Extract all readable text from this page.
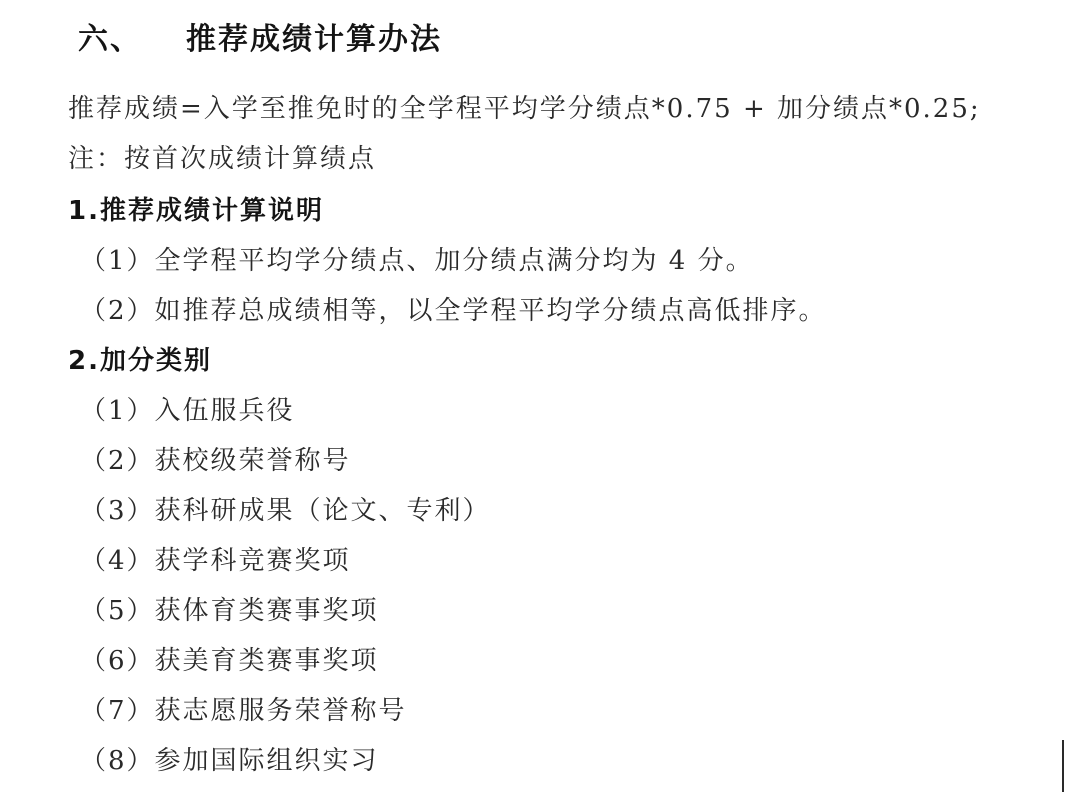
六、 推荐成绩计算办法
推荐成绩=入学至推免时的全学程平均学分绩点*0.75 + 加分绩点*0.25;
注：按首次成绩计算绩点
1.推荐成绩计算说明
（1）全学程平均学分绩点、加分绩点满分均为 4 分。
（2）如推荐总成绩相等，以全学程平均学分绩点高低排序。
2.加分类别
（1）入伍服兵役
（2）获校级荣誉称号
（3）获科研成果（论文、专利）
（4）获学科竞赛奖项
（5）获体育类赛事奖项
（6）获美育类赛事奖项
（7）获志愿服务荣誉称号
（8）参加国际组织实习
